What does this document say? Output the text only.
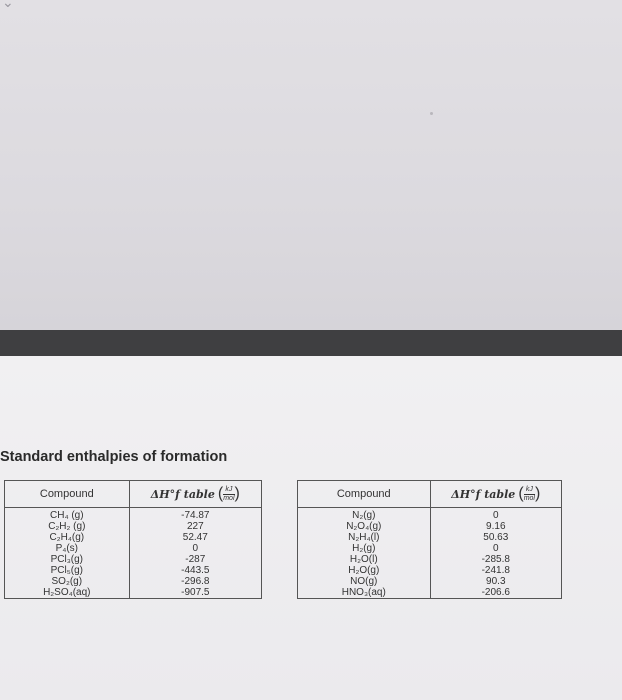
⌄
Standard enthalpies of formation
Compound	ΔH°f table ( $\frac{kJ}{\text{mol}}$ )
CH₄ (g)	-74.87
C₂H₂ (g)	227
C₂H₄(g)	52.47
P₄(s)	0
PCl₃(g)	-287
PCl₅(g)	-443.5
SO₂(g)	-296.8
H₂SO₄(aq)	-907.5
Compound	ΔH°f table ( $\frac{kJ}{\text{mol}}$ )
N₂(g)	0
N₂O₄(g)	9.16
N₂H₄(l)	50.63
H₂(g)	0
H₂O(l)	-285.8
H₂O(g)	-241.8
NO(g)	90.3
HNO₃(aq)	-206.6
